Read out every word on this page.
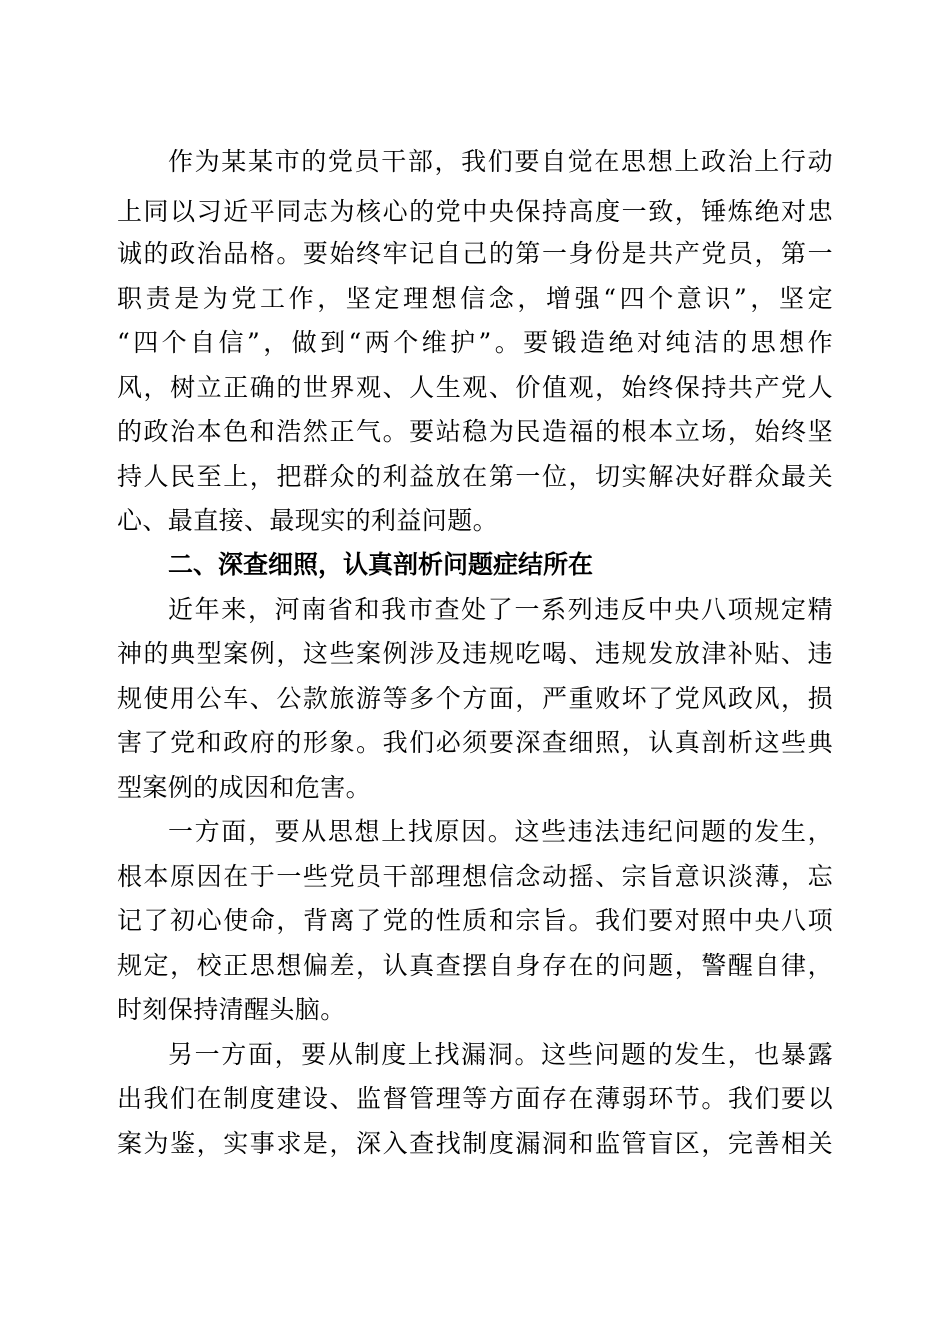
作为某某市的党员干部，我们要自觉在思想上政治上行动
上同以习近平同志为核心的党中央保持高度一致，锤炼绝对忠
诚的政治品格。要始终牢记自己的第一身份是共产党员，第一
职责是为党工作，坚定理想信念，增强“四个意识”，坚定
“四个自信”，做到“两个维护”。要锻造绝对纯洁的思想作
风，树立正确的世界观、人生观、价值观，始终保持共产党人
的政治本色和浩然正气。要站稳为民造福的根本立场，始终坚
持人民至上，把群众的利益放在第一位，切实解决好群众最关
心、最直接、最现实的利益问题。
二、深查细照，认真剖析问题症结所在
近年来，河南省和我市查处了一系列违反中央八项规定精
神的典型案例，这些案例涉及违规吃喝、违规发放津补贴、违
规使用公车、公款旅游等多个方面，严重败坏了党风政风，损
害了党和政府的形象。我们必须要深查细照，认真剖析这些典
型案例的成因和危害。
一方面，要从思想上找原因。这些违法违纪问题的发生，
根本原因在于一些党员干部理想信念动摇、宗旨意识淡薄，忘
记了初心使命，背离了党的性质和宗旨。我们要对照中央八项
规定，校正思想偏差，认真查摆自身存在的问题，警醒自律，
时刻保持清醒头脑。
另一方面，要从制度上找漏洞。这些问题的发生，也暴露
出我们在制度建设、监督管理等方面存在薄弱环节。我们要以
案为鉴，实事求是，深入查找制度漏洞和监管盲区，完善相关
